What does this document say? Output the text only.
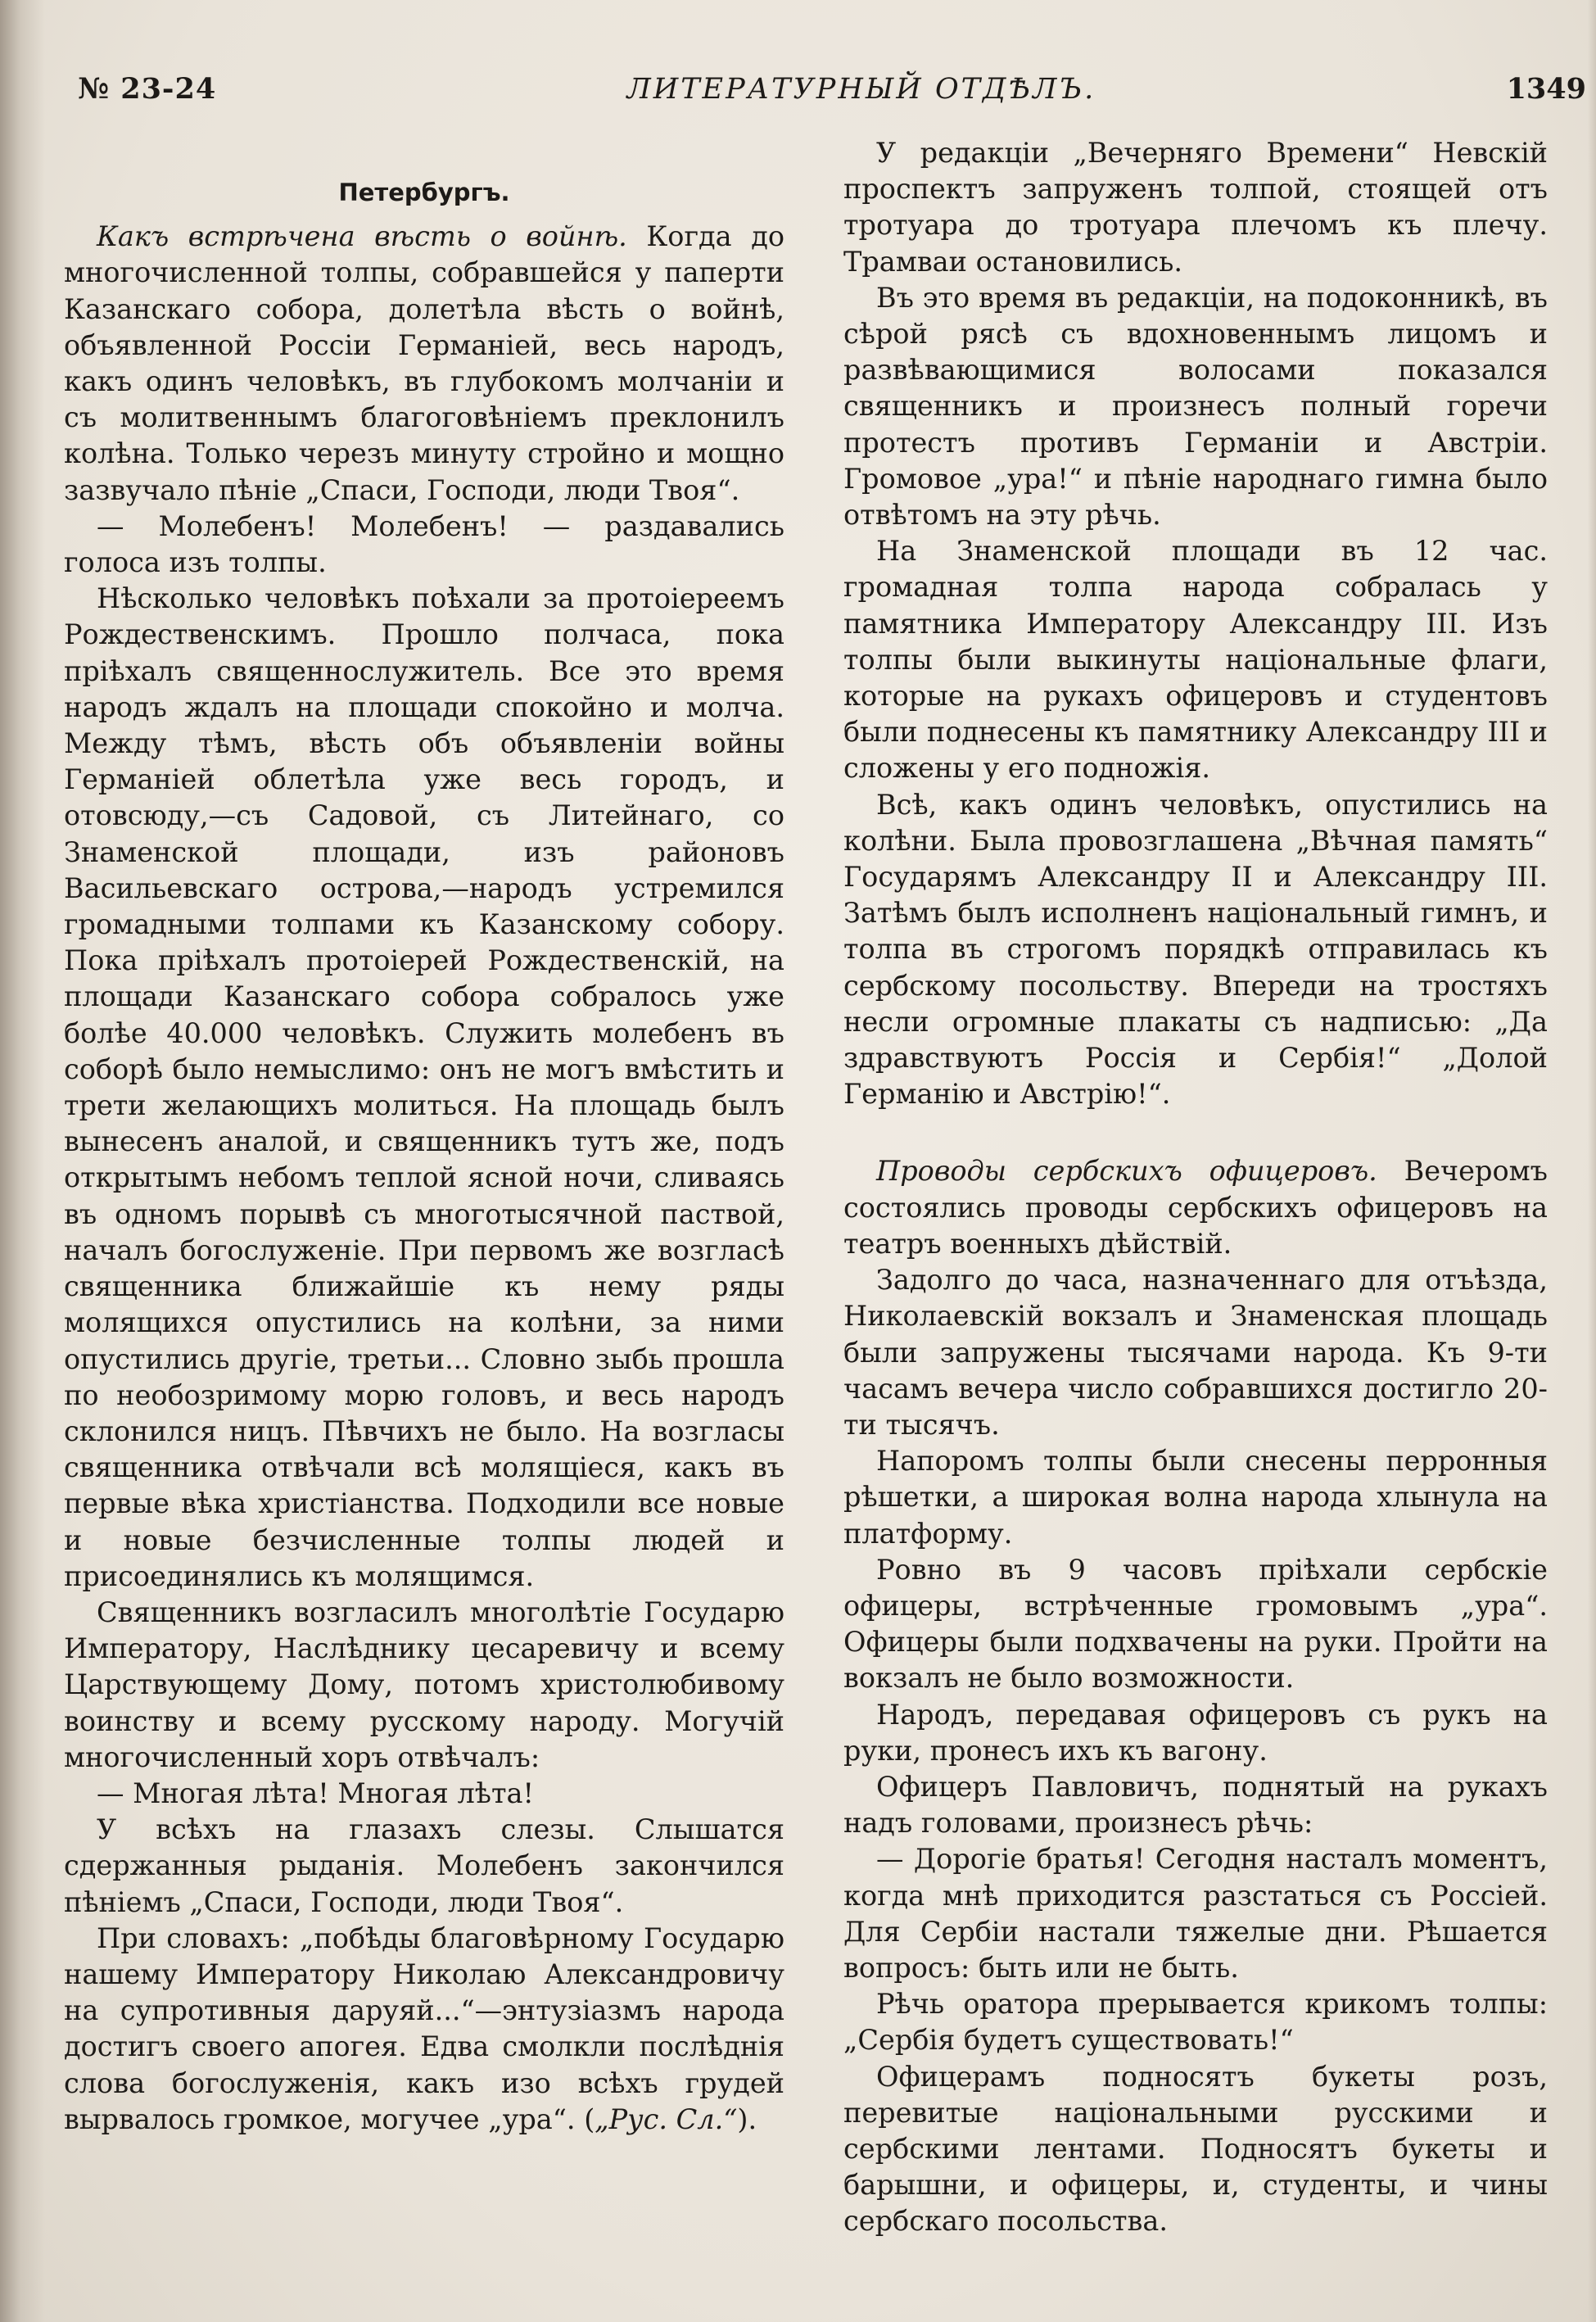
№ 23-24	ЛИТЕРАТУРНЫЙ ОТДѢЛЪ.	1349

Петербургъ.

Какъ встрѣчена вѣсть о войнѣ. Когда до многочисленной толпы, собравшейся у паперти Казанскаго собора, долетѣла вѣсть о войнѣ, объявленной Россіи Германіей, весь народъ, какъ одинъ человѣкъ, въ глубокомъ молчаніи и съ молитвеннымъ благоговѣніемъ преклонилъ колѣна. Только черезъ минуту стройно и мощно зазвучало пѣніе „Спаси, Господи, люди Твоя“.

— Молебенъ! Молебенъ! — раздавались голоса изъ толпы.

Нѣсколько человѣкъ поѣхали за протоіереемъ Рождественскимъ. Прошло полчаса, пока пріѣхалъ священнослужитель. Все это время народъ ждалъ на площади спокойно и молча. Между тѣмъ, вѣсть объ объявленіи войны Германіей облетѣла уже весь городъ, и отовсюду,—съ Садовой, съ Литейнаго, со Знаменской площади, изъ районовъ Васильевскаго острова,—народъ устремился громадными толпами къ Казанскому собору. Пока пріѣхалъ протоіерей Рождественскій, на площади Казанскаго собора собралось уже болѣе 40.000 человѣкъ. Служить молебенъ въ соборѣ было немыслимо: онъ не могъ вмѣстить и трети желающихъ молиться. На площадь былъ вынесенъ аналой, и священникъ тутъ же, подъ открытымъ небомъ теплой ясной ночи, сливаясь въ одномъ порывѣ съ многотысячной паствой, началъ богослуженіе. При первомъ же возгласѣ священника ближайшіе къ нему ряды молящихся опустились на колѣни, за ними опустились другіе, третьи... Словно зыбь прошла по необозримому морю головъ, и весь народъ склонился ницъ. Пѣвчихъ не было. На возгласы священника отвѣчали всѣ молящіеся, какъ въ первые вѣка христіанства. Подходили все новые и новые безчисленные толпы людей и присоединялись къ молящимся.

Священникъ возгласилъ многолѣтіе Государю Императору, Наслѣднику цесаревичу и всему Царствующему Дому, потомъ христолюбивому воинству и всему русскому народу. Могучій многочисленный хоръ отвѣчалъ:

— Многая лѣта! Многая лѣта!

У всѣхъ на глазахъ слезы. Слышатся сдержанныя рыданія. Молебенъ закончился пѣніемъ „Спаси, Господи, люди Твоя“.

При словахъ: „побѣды благовѣрному Государю нашему Императору Николаю Александровичу на супротивныя даруяй...“—энтузіазмъ народа достигъ своего апогея. Едва смолкли послѣднія слова богослуженія, какъ изо всѣхъ грудей вырвалось громкое, могучее „ура“. („Рус. Сл.“).

У редакціи „Вечерняго Времени“ Невскій проспектъ запруженъ толпой, стоящей отъ тротуара до тротуара плечомъ къ плечу. Трамваи остановились.

Въ это время въ редакціи, на подоконникѣ, въ сѣрой рясѣ съ вдохновеннымъ лицомъ и развѣвающимися волосами показался священникъ и произнесъ полный горечи протестъ противъ Германіи и Австріи. Громовое „ура!“ и пѣніе народнаго гимна было отвѣтомъ на эту рѣчь.

На Знаменской площади въ 12 час. громадная толпа народа собралась у памятника Императору Александру III. Изъ толпы были выкинуты національные флаги, которые на рукахъ офицеровъ и студентовъ были поднесены къ памятнику Александру III и сложены у его подножія.

Всѣ, какъ одинъ человѣкъ, опустились на колѣни. Была провозглашена „Вѣчная память“ Государямъ Александру II и Александру III. Затѣмъ былъ исполненъ національный гимнъ, и толпа въ строгомъ порядкѣ отправилась къ сербскому посольству. Впереди на тростяхъ несли огромные плакаты съ надписью: „Да здравствуютъ Россія и Сербія!“ „Долой Германію и Австрію!“.

Проводы сербскихъ офицеровъ. Вечеромъ состоялись проводы сербскихъ офицеровъ на театръ военныхъ дѣйствій.

Задолго до часа, назначеннаго для отъѣзда, Николаевскій вокзалъ и Знаменская площадь были запружены тысячами народа. Къ 9-ти часамъ вечера число собравшихся достигло 20-ти тысячъ.

Напоромъ толпы были снесены перронныя рѣшетки, а широкая волна народа хлынула на платформу.

Ровно въ 9 часовъ пріѣхали сербскіе офицеры, встрѣченные громовымъ „ура“. Офицеры были подхвачены на руки. Пройти на вокзалъ не было возможности.

Народъ, передавая офицеровъ съ рукъ на руки, пронесъ ихъ къ вагону.

Офицеръ Павловичъ, поднятый на рукахъ надъ головами, произнесъ рѣчь:

— Дорогіе братья! Сегодня насталъ моментъ, когда мнѣ приходится разстаться съ Россіей. Для Сербіи настали тяжелые дни. Рѣшается вопросъ: быть или не быть.

Рѣчь оратора прерывается крикомъ толпы: „Сербія будетъ существовать!“

Офицерамъ подносятъ букеты розъ, перевитые національными русскими и сербскими лентами. Подносятъ букеты и барышни, и офицеры, и, студенты, и чины сербскаго посольства.
